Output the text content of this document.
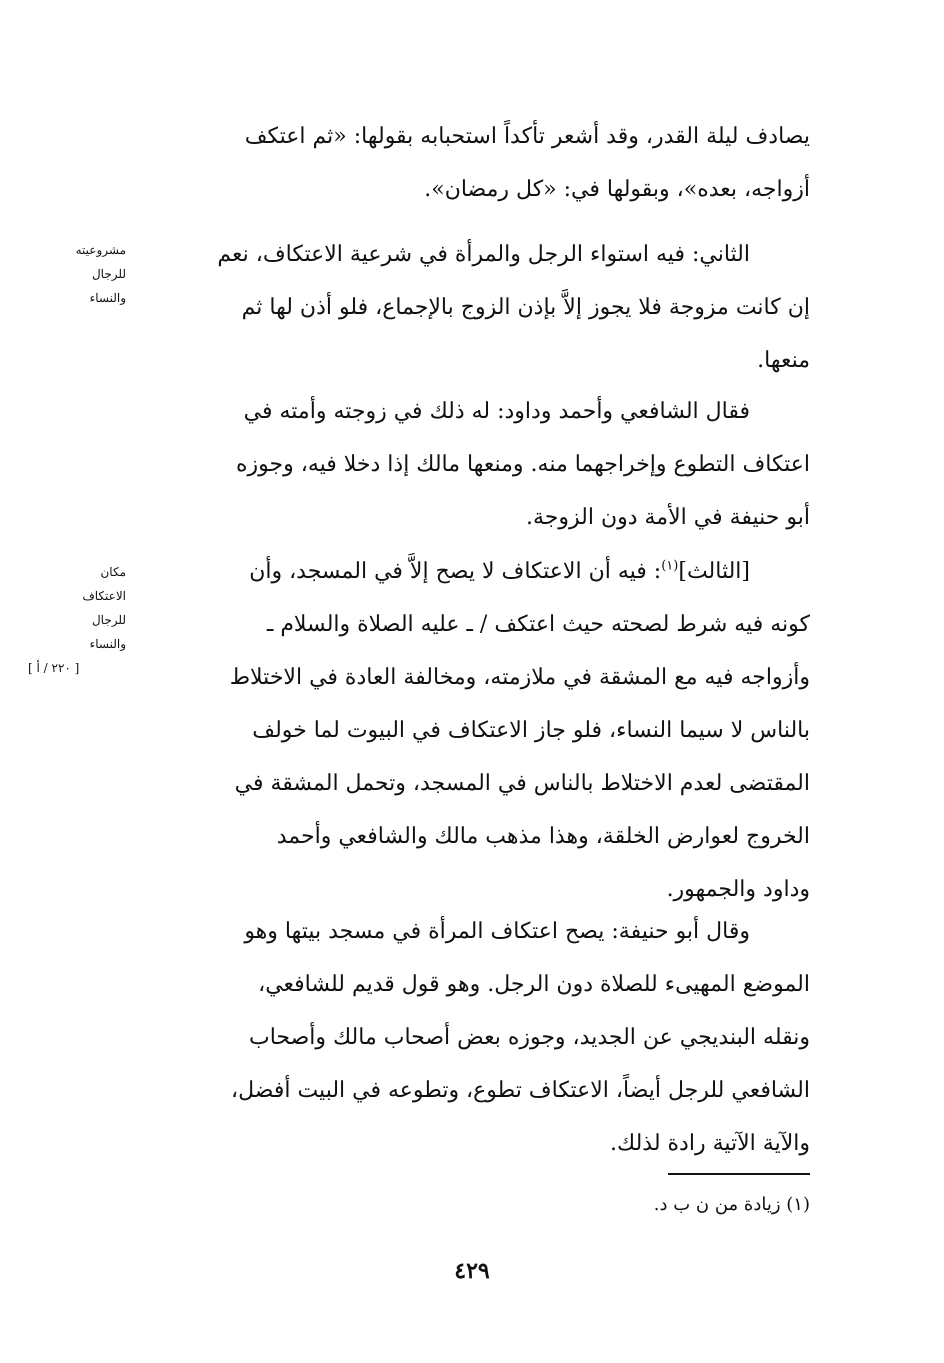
يصادف ليلة القدر، وقد أشعر تأكداً استحبابه بقولها: «ثم اعتكف

أزواجه، بعده»، وبقولها في: «كل رمضان».

الثاني: فيه استواء الرجل والمرأة في شرعية الاعتكاف، نعم

إن كانت مزوجة فلا يجوز إلاَّ بإذن الزوج بالإجماع، فلو أذن لها ثم

منعها.

فقال الشافعي وأحمد وداود: له ذلك في زوجته وأمته في

اعتكاف التطوع وإخراجهما منه. ومنعها مالك إذا دخلا فيه، وجوزه

أبو حنيفة في الأمة دون الزوجة.

[الثالث]$^{(١)}$: فيه أن الاعتكاف لا يصح إلاَّ في المسجد، وأن

كونه فيه شرط لصحته حيث اعتكف / ـ عليه الصلاة والسلام ـ

وأزواجه فيه مع المشقة في ملازمته، ومخالفة العادة في الاختلاط

بالناس لا سيما النساء، فلو جاز الاعتكاف في البيوت لما خولف

المقتضى لعدم الاختلاط بالناس في المسجد، وتحمل المشقة في

الخروج لعوارض الخلقة، وهذا مذهب مالك والشافعي وأحمد

وداود والجمهور.

وقال أبو حنيفة: يصح اعتكاف المرأة في مسجد بيتها وهو

الموضع المهيىء للصلاة دون الرجل. وهو قول قديم للشافعي،

ونقله البنديجي عن الجديد، وجوزه بعض أصحاب مالك وأصحاب

الشافعي للرجل أيضاً، الاعتكاف تطوع، وتطوعه في البيت أفضل،

والآية الآتية رادة لذلك.

مشروعيته
للرجال
والنساء
مكان
الاعتكاف
للرجال
والنساء
[ ٢٢٠ / أ ]
(١) زيادة من ن ب د.
٤٢٩
